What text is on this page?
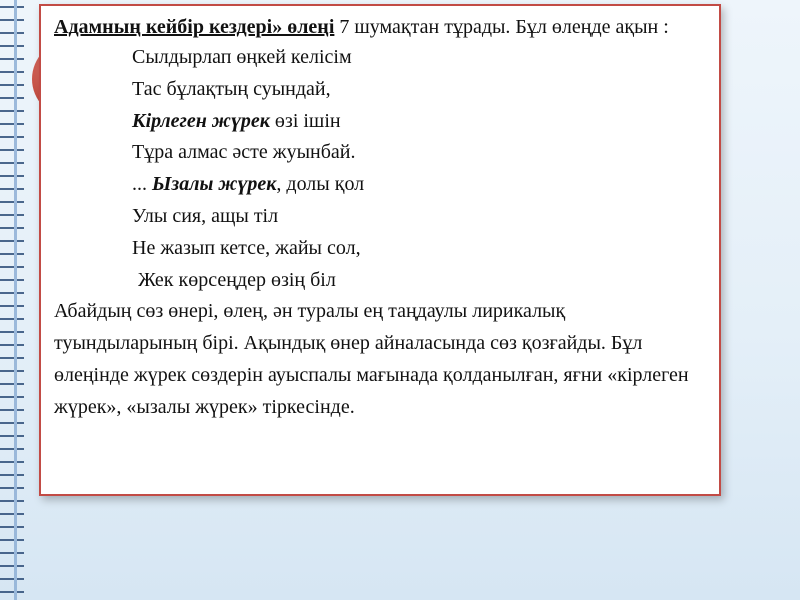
Адамның кейбір кездері» өлеңі 7 шумақтан тұрады. Бұл өлеңде ақын :
Сылдырлап өңкей келісім
Тас бұлақтың суындай,
Кірлеген жүрек өзі ішін
Тұра алмас әсте жуынбай.
... Ызалы жүрек, долы қол
Улы сия, ащы тіл
Не жазып кетсе, жайы сол,
Жек көрсеңдер өзің біл
Абайдың сөз өнері, өлең, ән туралы ең таңдаулы лирикалық туындыларының бірі. Ақындық өнер айналасында сөз қозғайды. Бұл өлеңінде жүрек сөздерін ауыспалы мағынада қолданылған, яғни «кірлеген жүрек», «ызалы жүрек» тіркесінде.
